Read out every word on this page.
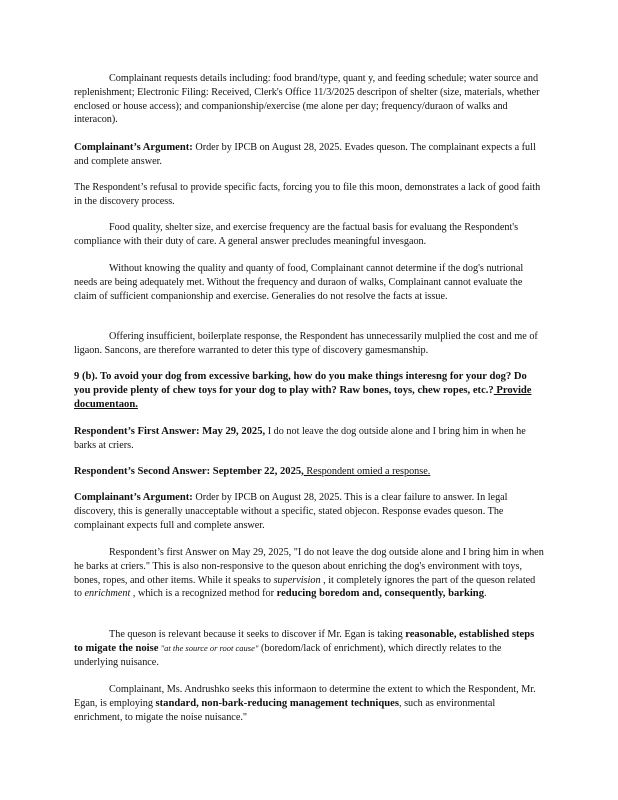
Complainant requests details including: food brand/type, quant y, and feeding schedule; water source and replenishment; Electronic Filing: Received, Clerk's Office 11/3/2025 descripon of shelter (size, materials, whether enclosed or house access); and companionship/exercise (me alone per day; frequency/duraon of walks and interacon).

Complainant’s Argument: Order by IPCB on August 28, 2025. Evades queson. The complainant expects a full and complete answer.

The Respondent’s refusal to provide specific facts, forcing you to file this moon, demonstrates a lack of good faith in the discovery process.

Food quality, shelter size, and exercise frequency are the factual basis for evaluang the Respondent's compliance with their duty of care. A general answer precludes meaningful invesgaon.

Without knowing the quality and quanty of food, Complainant cannot determine if the dog's nutrional needs are being adequately met. Without the frequency and duraon of walks, Complainant cannot evaluate the claim of sufficient companionship and exercise. Generalies do not resolve the facts at issue.

Offering insufficient, boilerplate response, the Respondent has unnecessarily mulplied the cost and me of ligaon. Sancons, are therefore warranted to deter this type of discovery gamesmanship.

9 (b). To avoid your dog from excessive barking, how do you make things interesng for your dog? Do you provide plenty of chew toys for your dog to play with? Raw bones, toys, chew ropes, etc.? Provide documentaon.

Respondent’s First Answer: May 29, 2025, I do not leave the dog outside alone and I bring him in when he barks at criers.

Respondent’s Second Answer: September 22, 2025, Respondent omied a response.

Complainant’s Argument: Order by IPCB on August 28, 2025. This is a clear failure to answer. In legal discovery, this is generally unacceptable without a specific, stated objecon. Response evades queson. The complainant expects full and complete answer.

Respondent’s first Answer on May 29, 2025, "I do not leave the dog outside alone and I bring him in when he barks at criers." This is also non-responsive to the queson about enriching the dog's environment with toys, bones, ropes, and other items. While it speaks to supervision , it completely ignores the part of the queson related to enrichment , which is a recognized method for reducing boredom and, consequently, barking.

The queson is relevant because it seeks to discover if Mr. Egan is taking reasonable, established steps to migate the noise "at the source or root cause" (boredom/lack of enrichment), which directly relates to the underlying nuisance.

Complainant, Ms. Andrushko seeks this informaon to determine the extent to which the Respondent, Mr. Egan, is employing standard, non-bark-reducing management techniques, such as environmental enrichment, to migate the noise nuisance."
